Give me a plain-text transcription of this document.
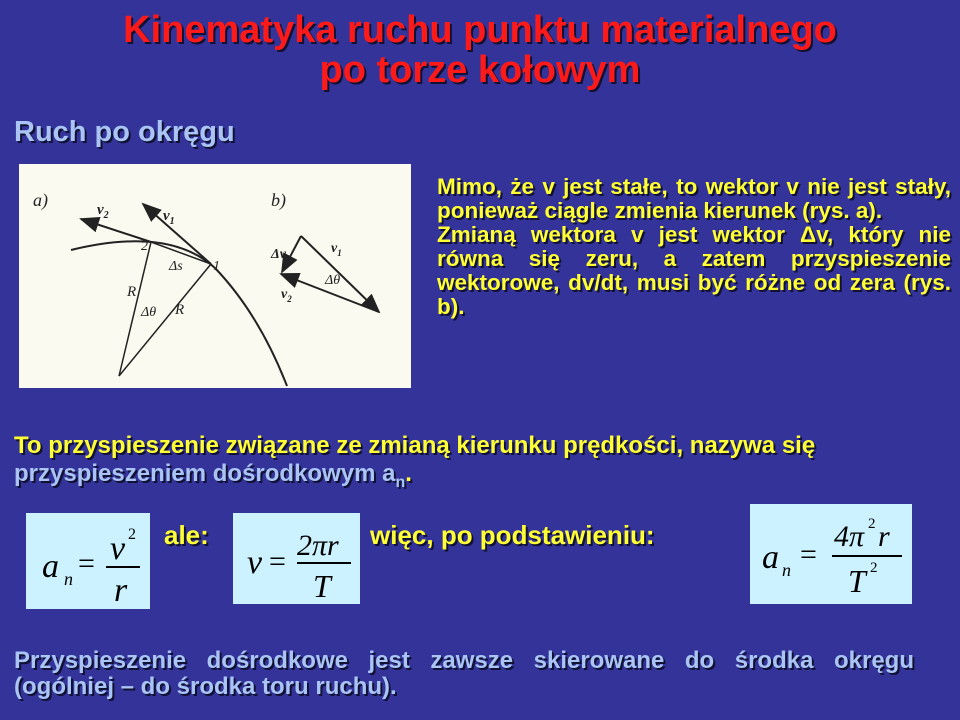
Kinematyka ruchu punktu materialnego
po torze kołowym
Ruch po okręgu
a)
$v_1$
$v_2$
2
1
Δs
R
R
Δθ
b)
Δv	$v_1$
$v_2$
Δθ

Mimo, że v jest stałe, to wektor v nie jest stały, ponieważ ciągle zmienia kierunek (rys. a).

Zmianą wektora v jest wektor Δv, który nie równa się zeru, a zatem przyspieszenie wektorowe, dv/dt, musi być różne od zera (rys. b).

To przyspieszenie związane ze zmianą kierunku prędkości, nazywa się przyspieszeniem dośrodkowym $a_n$.
a n = v 2
r
ale:
v = 2πr
T
więc, po podstawieniu:
a n =
4π 2 r
T 2
Przyspieszenie dośrodkowe jest zawsze skierowane do środka okręgu (ogólniej – do środka toru ruchu).
